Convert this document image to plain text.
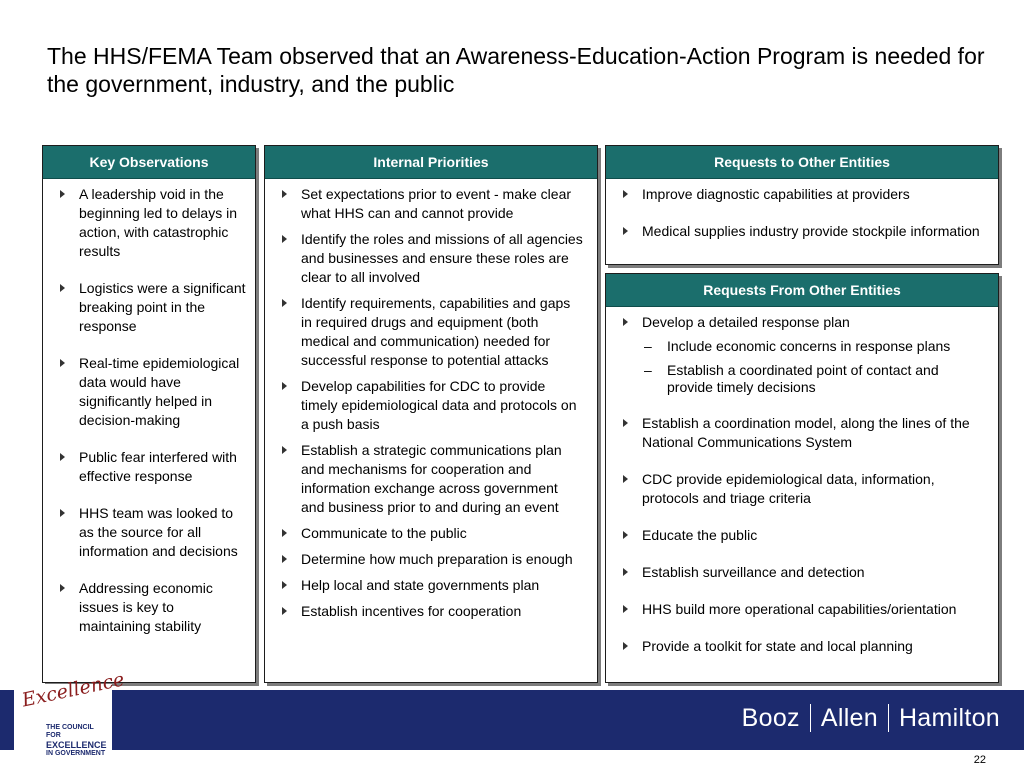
The HHS/FEMA Team observed that an Awareness-Education-Action Program is needed for the government, industry, and the public
Key Observations
A leadership void in the beginning led to delays in action, with catastrophic results
Logistics were a significant breaking point in the response
Real-time epidemiological data would have significantly helped in decision-making
Public fear interfered with effective response
HHS team was looked to as the source for all information and decisions
Addressing economic issues is key to maintaining stability
Internal Priorities
Set expectations prior to event - make clear what HHS can and cannot provide
Identify the roles and missions of all agencies and businesses and ensure these roles are clear to all involved
Identify requirements, capabilities and gaps in required drugs and equipment (both medical and communication) needed for successful response to potential attacks
Develop capabilities for CDC to provide timely epidemiological data and protocols on a push basis
Establish a strategic communications plan and mechanisms for cooperation and information exchange across government and business prior to and during an event
Communicate to the public
Determine how much preparation is enough
Help local and state governments plan
Establish incentives for cooperation
Requests to Other Entities
Improve diagnostic capabilities at providers
Medical supplies industry provide stockpile information
Requests From Other Entities
Develop a detailed response plan
– Include economic concerns in response plans
– Establish a coordinated point of contact and provide timely decisions
Establish a coordination model, along the lines of the National Communications System
CDC provide epidemiological data, information, protocols and triage criteria
Educate the public
Establish surveillance and detection
HHS build more operational capabilities/orientation
Provide a toolkit for state and local planning
Excellence
THE COUNCIL FOR
EXCELLENCE
IN GOVERNMENT
Booz Allen Hamilton
22
